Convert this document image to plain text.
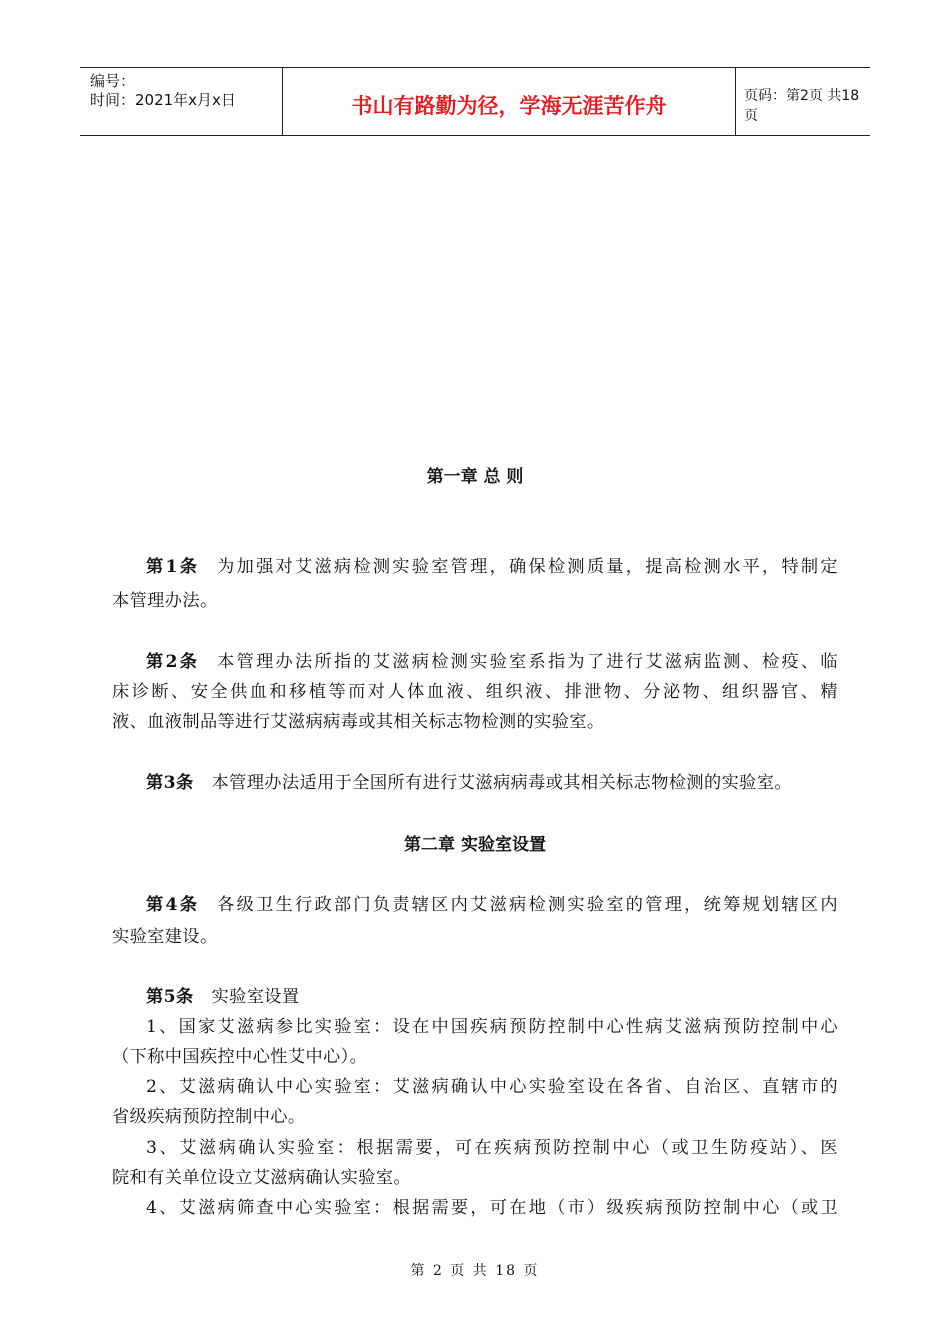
编号：
时间：2021年x月x日	书山有路勤为径，学海无涯苦作舟	页码：第2页 共18页
第一章 总 则
第1条 为加强对艾滋病检测实验室管理，确保检测质量，提高检测水平，特制定
本管理办法。
第2条 本管理办法所指的艾滋病检测实验室系指为了进行艾滋病监测、检疫、临
床诊断、安全供血和移植等而对人体血液、组织液、排泄物、分泌物、组织器官、精
液、血液制品等进行艾滋病病毒或其相关标志物检测的实验室。
第3条 本管理办法适用于全国所有进行艾滋病病毒或其相关标志物检测的实验室。
第二章 实验室设置
第4条 各级卫生行政部门负责辖区内艾滋病检测实验室的管理，统筹规划辖区内
实验室建设。
第5条 实验室设置
1、国家艾滋病参比实验室：设在中国疾病预防控制中心性病艾滋病预防控制中心
（下称中国疾控中心性艾中心）。
2、艾滋病确认中心实验室：艾滋病确认中心实验室设在各省、自治区、直辖市的
省级疾病预防控制中心。
3、艾滋病确认实验室：根据需要，可在疾病预防控制中心（或卫生防疫站）、医
院和有关单位设立艾滋病确认实验室。
4、艾滋病筛查中心实验室：根据需要，可在地（市）级疾病预防控制中心（或卫
第 2 页 共 18 页
